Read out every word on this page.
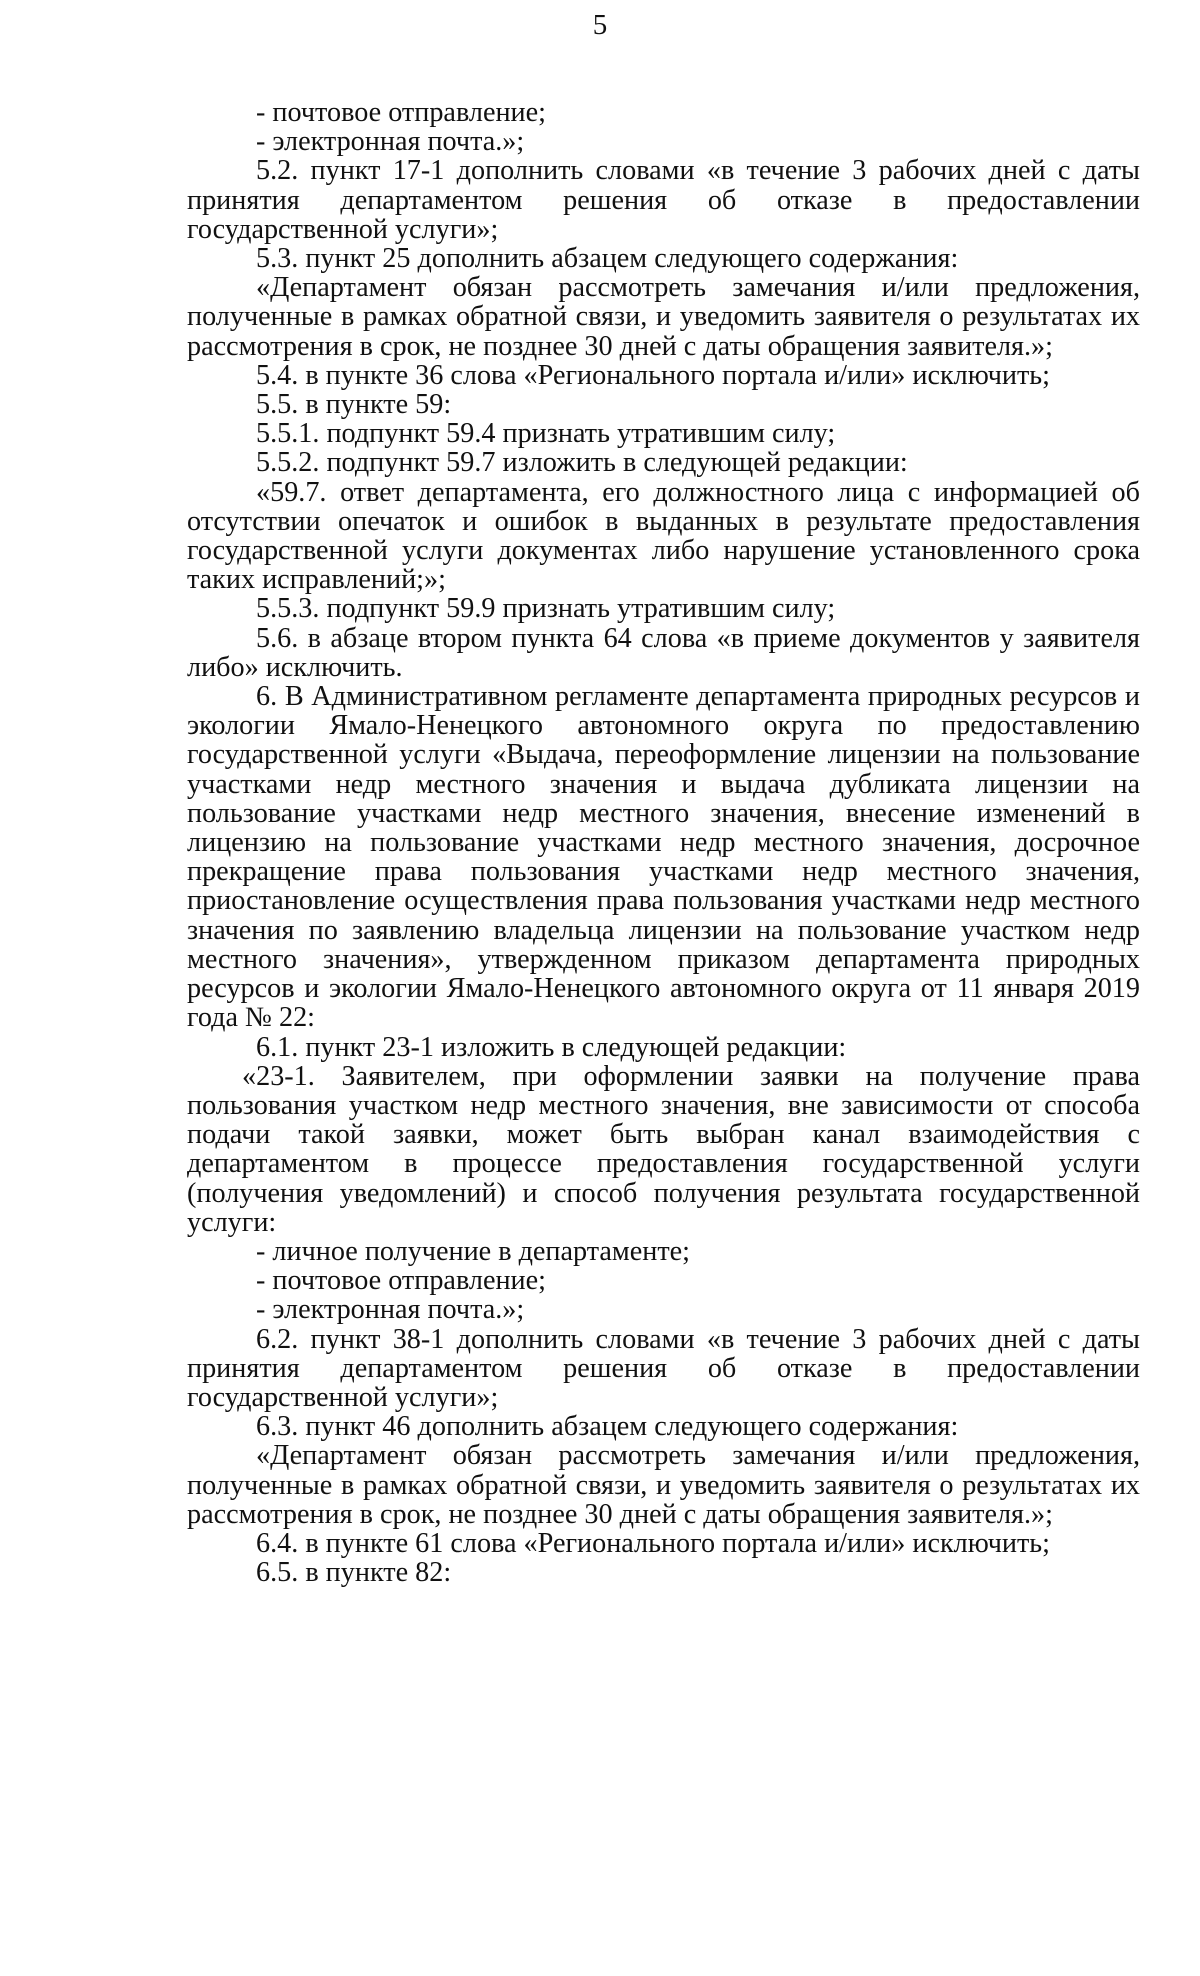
5

- почтовое отправление;

- электронная почта.»;

5.2. пункт 17-1 дополнить словами «в течение 3 рабочих дней с даты принятия департаментом решения об отказе в предоставлении государственной услуги»;

5.3. пункт 25 дополнить абзацем следующего содержания:

«Департамент обязан рассмотреть замечания и/или предложения, полученные в рамках обратной связи, и уведомить заявителя о результатах их рассмотрения в срок, не позднее 30 дней с даты обращения заявителя.»;

5.4. в пункте 36 слова «Регионального портала и/или» исключить;

5.5. в пункте 59:

5.5.1. подпункт 59.4 признать утратившим силу;

5.5.2. подпункт 59.7 изложить в следующей редакции:

«59.7. ответ департамента, его должностного лица с информацией об отсутствии опечаток и ошибок в выданных в результате предоставления государственной услуги документах либо нарушение установленного срока таких исправлений;»;

5.5.3. подпункт 59.9 признать утратившим силу;

5.6. в абзаце втором пункта 64 слова «в приеме документов у заявителя либо» исключить.

6. В Административном регламенте департамента природных ресурсов и экологии Ямало-Ненецкого автономного округа по предоставлению государственной услуги «Выдача, переоформление лицензии на пользование участками недр местного значения и выдача дубликата лицензии на пользование участками недр местного значения, внесение изменений в лицензию на пользование участками недр местного значения, досрочное прекращение права пользования участками недр местного значения, приостановление осуществления права пользования участками недр местного значения по заявлению владельца лицензии на пользование участком недр местного значения», утвержденном приказом департамента природных ресурсов и экологии Ямало-Ненецкого автономного округа от 11 января 2019 года № 22:

6.1. пункт 23-1 изложить в следующей редакции:

«23-1. Заявителем, при оформлении заявки на получение права пользования участком недр местного значения, вне зависимости от способа подачи такой заявки, может быть выбран канал взаимодействия с департаментом в процессе предоставления государственной услуги (получения уведомлений) и способ получения результата государственной услуги:

- личное получение в департаменте;

- почтовое отправление;

- электронная почта.»;

6.2. пункт 38-1 дополнить словами «в течение 3 рабочих дней с даты принятия департаментом решения об отказе в предоставлении государственной услуги»;

6.3. пункт 46 дополнить абзацем следующего содержания:

«Департамент обязан рассмотреть замечания и/или предложения, полученные в рамках обратной связи, и уведомить заявителя о результатах их рассмотрения в срок, не позднее 30 дней с даты обращения заявителя.»;

6.4. в пункте 61 слова «Регионального портала и/или» исключить;

6.5. в пункте 82:
